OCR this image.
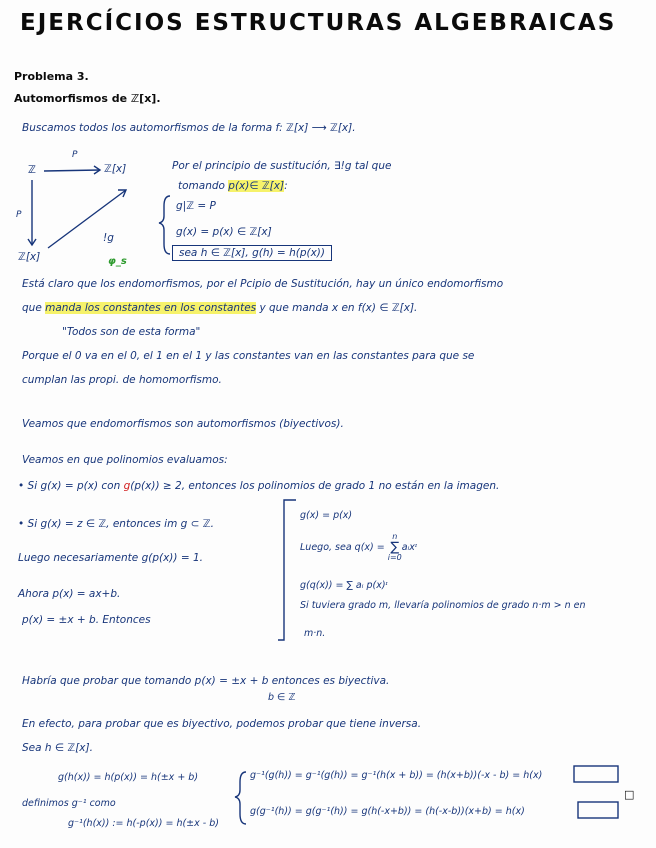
EJERCÍCIOS ESTRUCTURAS ALGEBRAICAS
Problema 3.
Automorfismos de ℤ[x].
Buscamos todos los automorfismos de la forma f: ℤ[x] ⟶ ℤ[x].
ℤ
P
ℤ[x]
P
ℤ[x]
!g
φ_s
Por el principio de sustitución, ∃!g tal que
tomando p(x)∈ ℤ[x]:
g|ℤ = P
g(x) = p(x) ∈ ℤ[x]
sea h ∈ ℤ[x], g(h) = h(p(x))
Está claro que los endomorfismos, por el Pcipio de Sustitución, hay un único endomorfismo
que manda los constantes en los constantes y que manda x en f(x) ∈ ℤ[x].
"Todos son de esta forma"
Porque el 0 va en el 0, el 1 en el 1 y las constantes van en las constantes para que se
cumplan las propi. de homomorfismo.
Veamos que endomorfismos son automorfismos (biyectivos).
Veamos en que polinomios evaluamos:
• Si g(x) = p(x) con g(p(x)) ≥ 2, entonces los polinomios de grado 1 no están en la imagen.
• Si g(x) = z ∈ ℤ, entonces im g ⊂ ℤ.
Luego necesariamente g(p(x)) = 1.
Ahora p(x) = ax+b.
p(x) = ±x + b. Entonces
g(x) = p(x)
Luego, sea q(x) = n
∑
i=0aᵢxᶦ
g(q(x)) = ∑ aᵢ p(x)ᶦ
Si tuviera grado m, llevaría polinomios de grado n·m > n en
m·n.
Habría que probar que tomando p(x) = ±x + b entonces es biyectiva.
b ∈ ℤ
En efecto, para probar que es biyectivo, podemos probar que tiene inversa.
Sea h ∈ ℤ[x].
g(h(x)) = h(p(x)) = h(±x + b)
definimos g⁻¹ como
g⁻¹(h(x)) := h(-p(x)) = h(±x - b)
g⁻¹(g(h)) = g⁻¹(g(h)) = g⁻¹(h(x + b)) = (h(x+b))(-x - b) = h(x)
g(g⁻¹(h)) = g(g⁻¹(h)) = g(h(-x+b)) = (h(-x-b))(x+b) = h(x)
□
